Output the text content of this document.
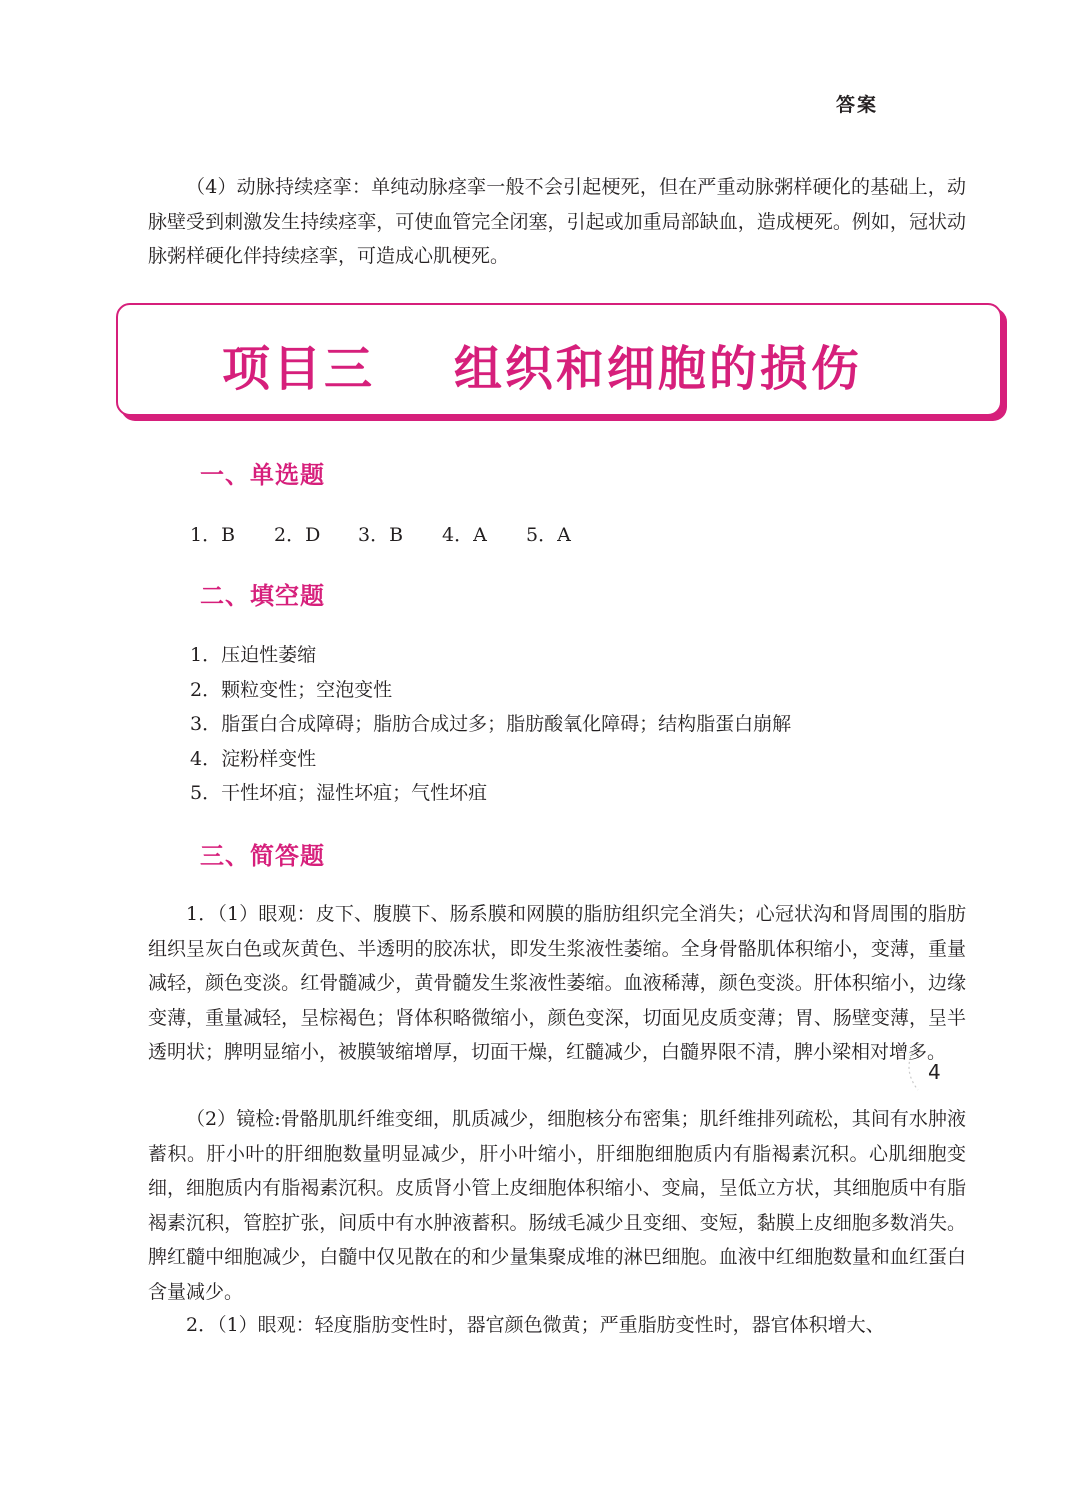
答案

（4）动脉持续痉挛：单纯动脉痉挛一般不会引起梗死，但在严重动脉粥样硬化的基础上，动脉壁受到刺激发生持续痉挛，可使血管完全闭塞，引起或加重局部缺血，造成梗死。例如，冠状动脉粥样硬化伴持续痉挛，可造成心肌梗死。

项目三    组织和细胞的损伤
一、单选题
1．B	2．D	3．B	4．A	5．A
二、填空题
1．压迫性萎缩
2．颗粒变性；空泡变性
3．脂蛋白合成障碍；脂肪合成过多；脂肪酸氧化障碍；结构脂蛋白崩解
4．淀粉样变性
5．干性坏疽；湿性坏疽；气性坏疽
三、简答题

1．（1）眼观：皮下、腹膜下、肠系膜和网膜的脂肪组织完全消失；心冠状沟和肾周围的脂肪组织呈灰白色或灰黄色、半透明的胶冻状，即发生浆液性萎缩。全身骨骼肌体积缩小，变薄，重量减轻，颜色变淡。红骨髓减少，黄骨髓发生浆液性萎缩。血液稀薄，颜色变淡。肝体积缩小，边缘变薄，重量减轻，呈棕褐色；肾体积略微缩小，颜色变深，切面见皮质变薄；胃、肠壁变薄，呈半透明状；脾明显缩小，被膜皱缩增厚，切面干燥，红髓减少，白髓界限不清，脾小梁相对增多。

（2）镜检:骨骼肌肌纤维变细，肌质减少，细胞核分布密集；肌纤维排列疏松，其间有水肿液蓄积。肝小叶的肝细胞数量明显减少，肝小叶缩小，肝细胞细胞质内有脂褐素沉积。心肌细胞变细，细胞质内有脂褐素沉积。皮质肾小管上皮细胞体积缩小、变扁，呈低立方状，其细胞质中有脂褐素沉积，管腔扩张，间质中有水肿液蓄积。肠绒毛减少且变细、变短，黏膜上皮细胞多数消失。脾红髓中细胞减少，白髓中仅见散在的和少量集聚成堆的淋巴细胞。血液中红细胞数量和血红蛋白含量减少。

2．（1）眼观：轻度脂肪变性时，器官颜色微黄；严重脂肪变性时，器官体积增大、

4
